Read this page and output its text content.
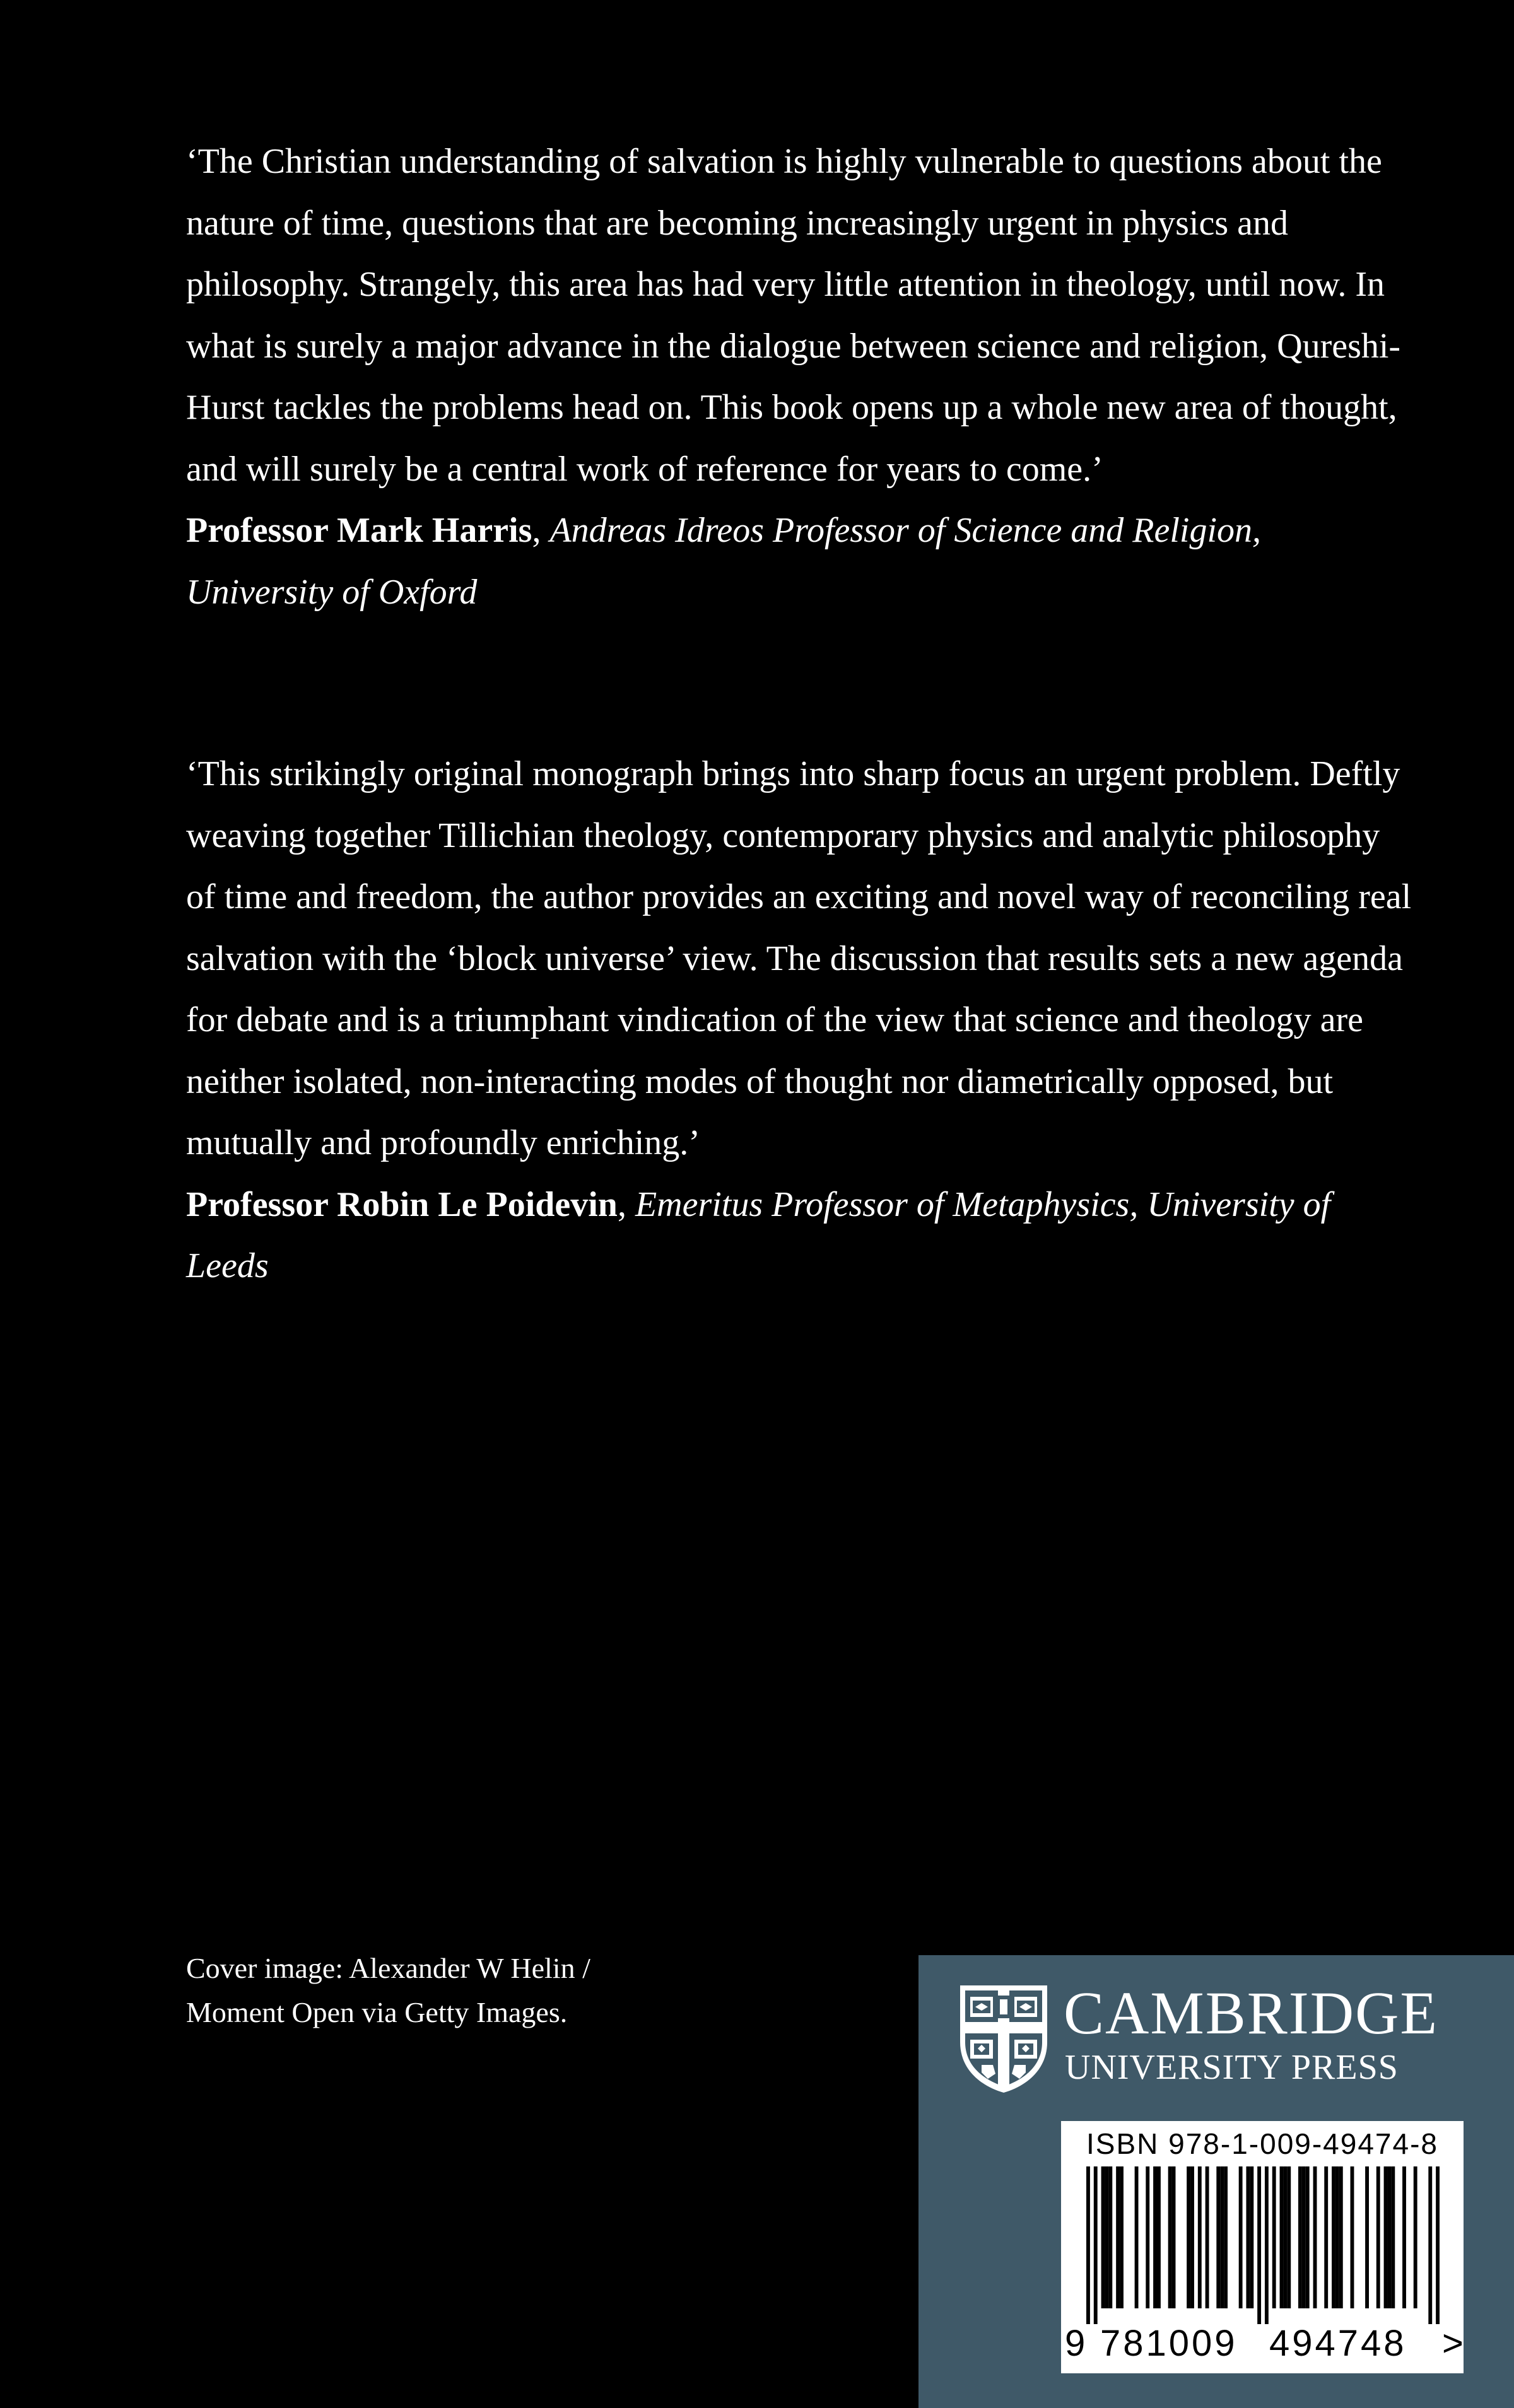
‘The Christian understanding of salvation is highly vulnerable to questions about the nature of time, questions that are becoming increasingly urgent in physics and philosophy. Strangely, this area has had very little attention in theology, until now. In what is surely a major advance in the dialogue between science and religion, Qureshi-Hurst tackles the problems head on. This book opens up a whole new area of thought, and will surely be a central work of reference for years to come.’

Professor Mark Harris, Andreas Idreos Professor of Science and Religion, University of Oxford

‘This strikingly original monograph brings into sharp focus an urgent problem. Deftly weaving together Tillichian theology, contemporary physics and analytic philosophy of time and freedom, the author provides an exciting and novel way of reconciling real salvation with the ‘block universe’ view. The discussion that results sets a new agenda for debate and is a triumphant vindication of the view that science and theology are neither isolated, non-interacting modes of thought nor diametrically opposed, but mutually and profoundly enriching.’

Professor Robin Le Poidevin, Emeritus Professor of Metaphysics, University of Leeds

Cover image: Alexander W Helin /
Moment Open via Getty Images.	CAMBRIDGE
UNIVERSITY PRESS
ISBN 978-1-009-49474-8
9 781009 494748 >
